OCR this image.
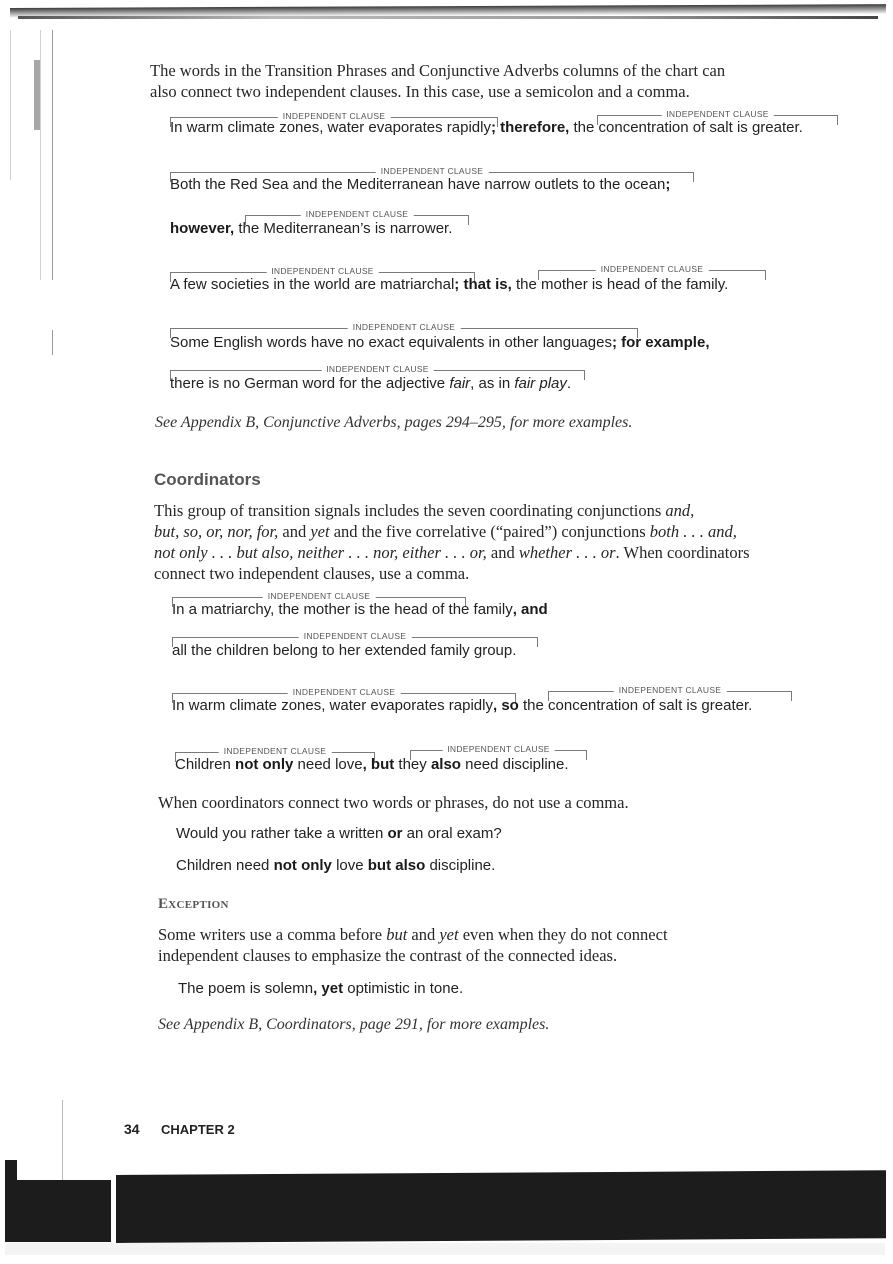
The words in the Transition Phrases and Conjunctive Adverbs columns of the chart can
also connect two independent clauses. In this case, use a semicolon and a comma.
INDEPENDENT CLAUSE	INDEPENDENT CLAUSE
In warm climate zones, water evaporates rapidly; therefore, the concentration of salt is greater.
INDEPENDENT CLAUSE
Both the Red Sea and the Mediterranean have narrow outlets to the ocean;
INDEPENDENT CLAUSE
however, the Mediterranean’s is narrower.
INDEPENDENT CLAUSE	INDEPENDENT CLAUSE
A few societies in the world are matriarchal; that is, the mother is head of the family.
INDEPENDENT CLAUSE
Some English words have no exact equivalents in other languages; for example,
INDEPENDENT CLAUSE
there is no German word for the adjective fair, as in fair play.
See Appendix B, Conjunctive Adverbs, pages 294–295, for more examples.
Coordinators
This group of transition signals includes the seven coordinating conjunctions and,
but, so, or, nor, for, and yet and the five correlative (“paired”) conjunctions both . . . and,
not only . . . but also, neither . . . nor, either . . . or, and whether . . . or. When coordinators
connect two independent clauses, use a comma.
INDEPENDENT CLAUSE
In a matriarchy, the mother is the head of the family, and
INDEPENDENT CLAUSE
all the children belong to her extended family group.
INDEPENDENT CLAUSE	INDEPENDENT CLAUSE
In warm climate zones, water evaporates rapidly, so the concentration of salt is greater.
INDEPENDENT CLAUSE	INDEPENDENT CLAUSE
Children not only need love, but they also need discipline.
When coordinators connect two words or phrases, do not use a comma.
Would you rather take a written or an oral exam?
Children need not only love but also discipline.
Exception
Some writers use a comma before but and yet even when they do not connect
independent clauses to emphasize the contrast of the connected ideas.
The poem is solemn, yet optimistic in tone.
See Appendix B, Coordinators, page 291, for more examples.
34 CHAPTER 2
